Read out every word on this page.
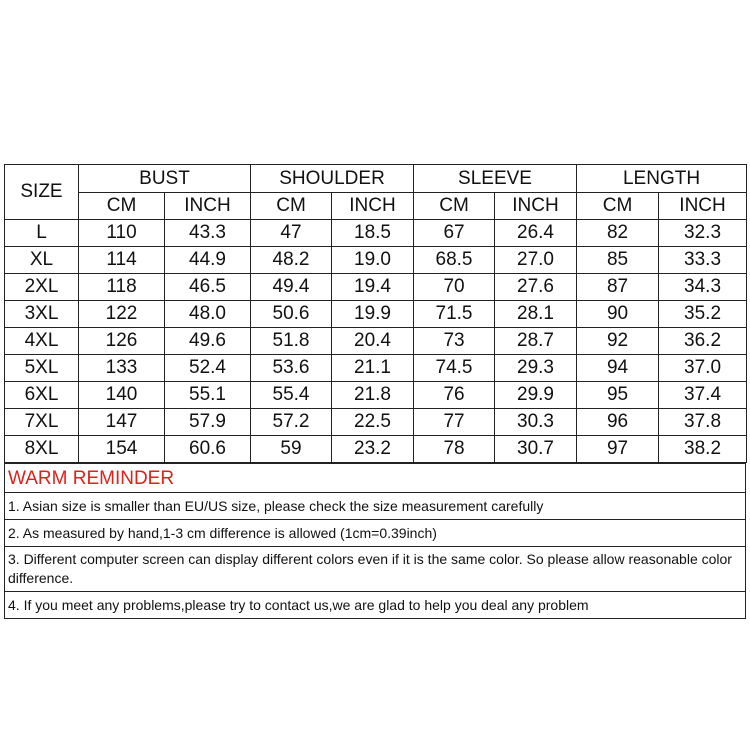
SIZE	BUST		SHOULDER		SLEEVE		LENGTH	
	CM	INCH	CM	INCH	CM	INCH	CM	INCH
L	110	43.3	47	18.5	67	26.4	82	32.3
XL	114	44.9	48.2	19.0	68.5	27.0	85	33.3
2XL	118	46.5	49.4	19.4	70	27.6	87	34.3
3XL	122	48.0	50.6	19.9	71.5	28.1	90	35.2
4XL	126	49.6	51.8	20.4	73	28.7	92	36.2
5XL	133	52.4	53.6	21.1	74.5	29.3	94	37.0
6XL	140	55.1	55.4	21.8	76	29.9	95	37.4
7XL	147	57.9	57.2	22.5	77	30.3	96	37.8
8XL	154	60.6	59	23.2	78	30.7	97	38.2
WARM REMINDER
1. Asian size is smaller than EU/US size, please check the size measurement carefully
2. As measured by hand,1-3 cm difference is allowed (1cm=0.39inch)
3. Different computer screen can display different colors even if it is the same color. So please allow reasonable color difference.
4. If you meet any problems,please try to contact us,we are glad to help you deal any problem
